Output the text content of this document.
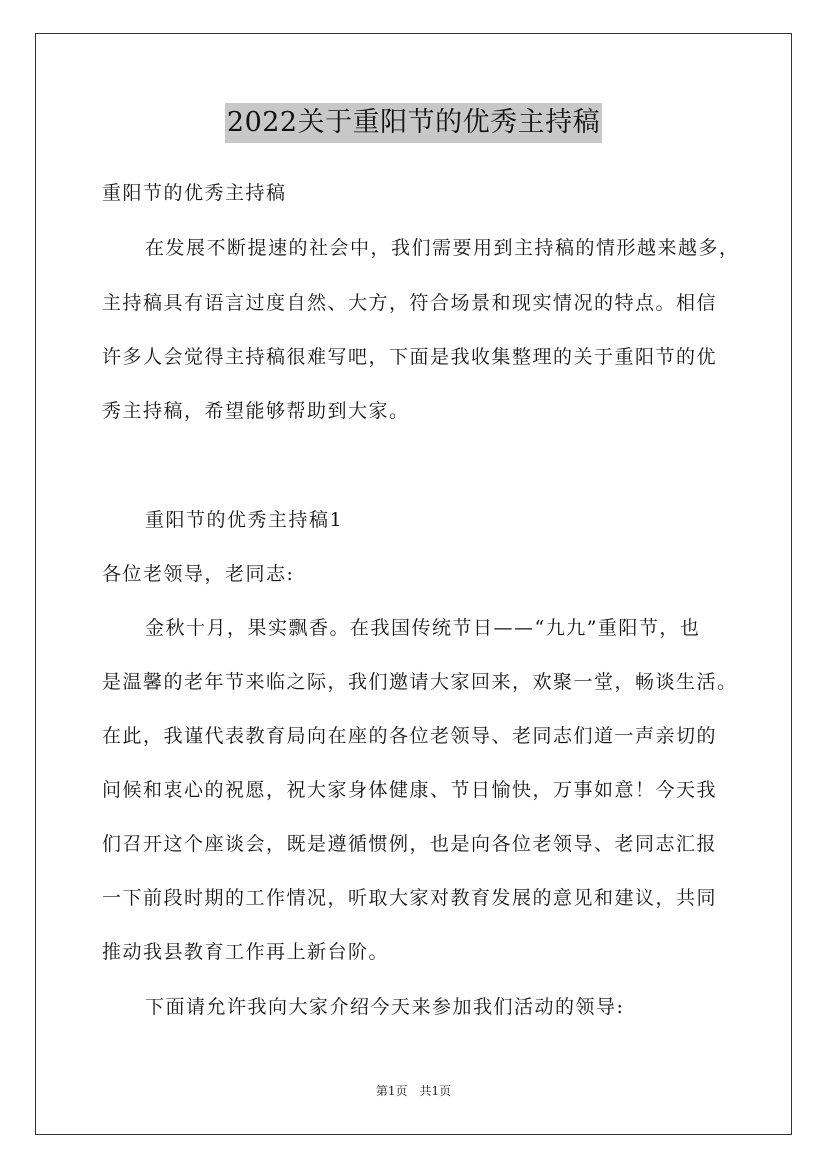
2022关于重阳节的优秀主持稿
重阳节的优秀主持稿
在发展不断提速的社会中，我们需要用到主持稿的情形越来越多，
主持稿具有语言过度自然、大方，符合场景和现实情况的特点。相信
许多人会觉得主持稿很难写吧，下面是我收集整理的关于重阳节的优
秀主持稿，希望能够帮助到大家。
重阳节的优秀主持稿1
各位老领导，老同志:
金秋十月，果实飘香。在我国传统节日——“九九”重阳节，也
是温馨的老年节来临之际，我们邀请大家回来，欢聚一堂，畅谈生活。
在此，我谨代表教育局向在座的各位老领导、老同志们道一声亲切的
问候和衷心的祝愿，祝大家身体健康、节日愉快，万事如意！今天我
们召开这个座谈会，既是遵循惯例，也是向各位老领导、老同志汇报
一下前段时期的工作情况，听取大家对教育发展的意见和建议，共同
推动我县教育工作再上新台阶。
下面请允许我向大家介绍今天来参加我们活动的领导:
第1页　共1页
